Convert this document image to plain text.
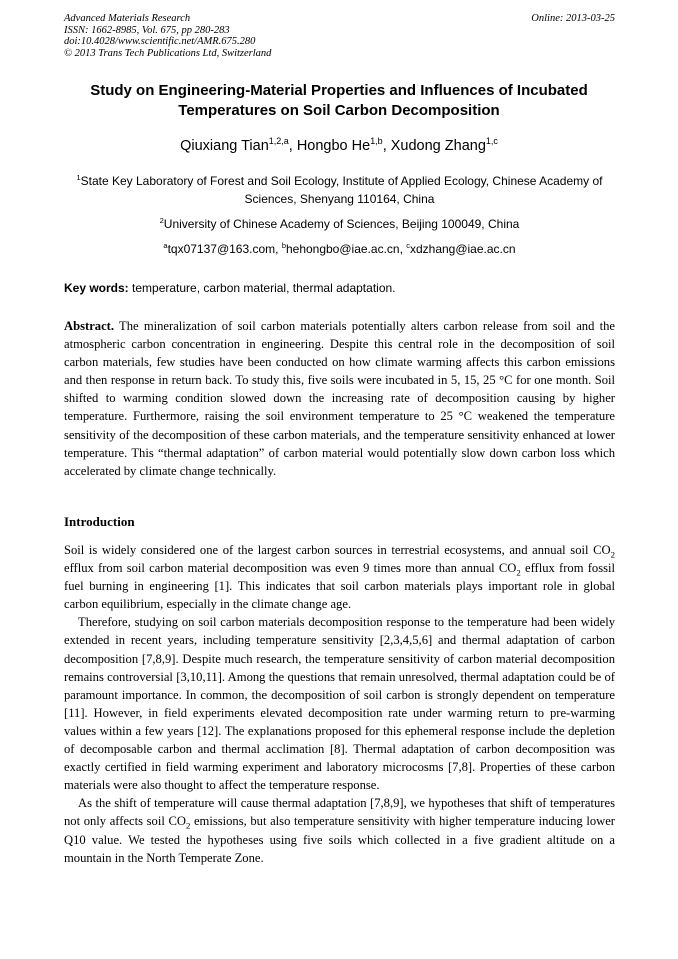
Advanced Materials Research
ISSN: 1662-8985, Vol. 675, pp 280-283
doi:10.4028/www.scientific.net/AMR.675.280
© 2013 Trans Tech Publications Ltd, Switzerland
Online: 2013-03-25
Study on Engineering-Material Properties and Influences of Incubated
Temperatures on Soil Carbon Decomposition
Qiuxiang Tian$^{1,2,a}$, Hongbo He$^{1,b}$, Xudong Zhang$^{1,c}$
$^1$State Key Laboratory of Forest and Soil Ecology, Institute of Applied Ecology, Chinese Academy of Sciences, Shenyang 110164, China
$^2$University of Chinese Academy of Sciences, Beijing 100049, China
$^a$tqx07137@163.com, $^b$hehongbo@iae.ac.cn, $^c$xdzhang@iae.ac.cn
Key words: temperature, carbon material, thermal adaptation.

Abstract. The mineralization of soil carbon materials potentially alters carbon release from soil and the atmospheric carbon concentration in engineering. Despite this central role in the decomposition of soil carbon materials, few studies have been conducted on how climate warming affects this carbon emissions and then response in return back. To study this, five soils were incubated in 5, 15, 25 °C for one month. Soil shifted to warming condition slowed down the increasing rate of decomposition causing by higher temperature. Furthermore, raising the soil environment temperature to 25 °C weakened the temperature sensitivity of the decomposition of these carbon materials, and the temperature sensitivity enhanced at lower temperature. This “thermal adaptation” of carbon material would potentially slow down carbon loss which accelerated by climate change technically.

Introduction

Soil is widely considered one of the largest carbon sources in terrestrial ecosystems, and annual soil $CO_2$ efflux from soil carbon material decomposition was even 9 times more than annual $CO_2$ efflux from fossil fuel burning in engineering [1]. This indicates that soil carbon materials plays important role in global carbon equilibrium, especially in the climate change age.

Therefore, studying on soil carbon materials decomposition response to the temperature had been widely extended in recent years, including temperature sensitivity [2,3,4,5,6] and thermal adaptation of carbon decomposition [7,8,9]. Despite much research, the temperature sensitivity of carbon material decomposition remains controversial [3,10,11]. Among the questions that remain unresolved, thermal adaptation could be of paramount importance. In common, the decomposition of soil carbon is strongly dependent on temperature [11]. However, in field experiments elevated decomposition rate under warming return to pre-warming values within a few years [12]. The explanations proposed for this ephemeral response include the depletion of decomposable carbon and thermal acclimation [8]. Thermal adaptation of carbon decomposition was exactly certified in field warming experiment and laboratory microcosms [7,8]. Properties of these carbon materials were also thought to affect the temperature response.

As the shift of temperature will cause thermal adaptation [7,8,9], we hypotheses that shift of temperatures not only affects soil $CO_2$ emissions, but also temperature sensitivity with higher temperature inducing lower Q10 value. We tested the hypotheses using five soils which collected in a five gradient altitude on a mountain in the North Temperate Zone.
